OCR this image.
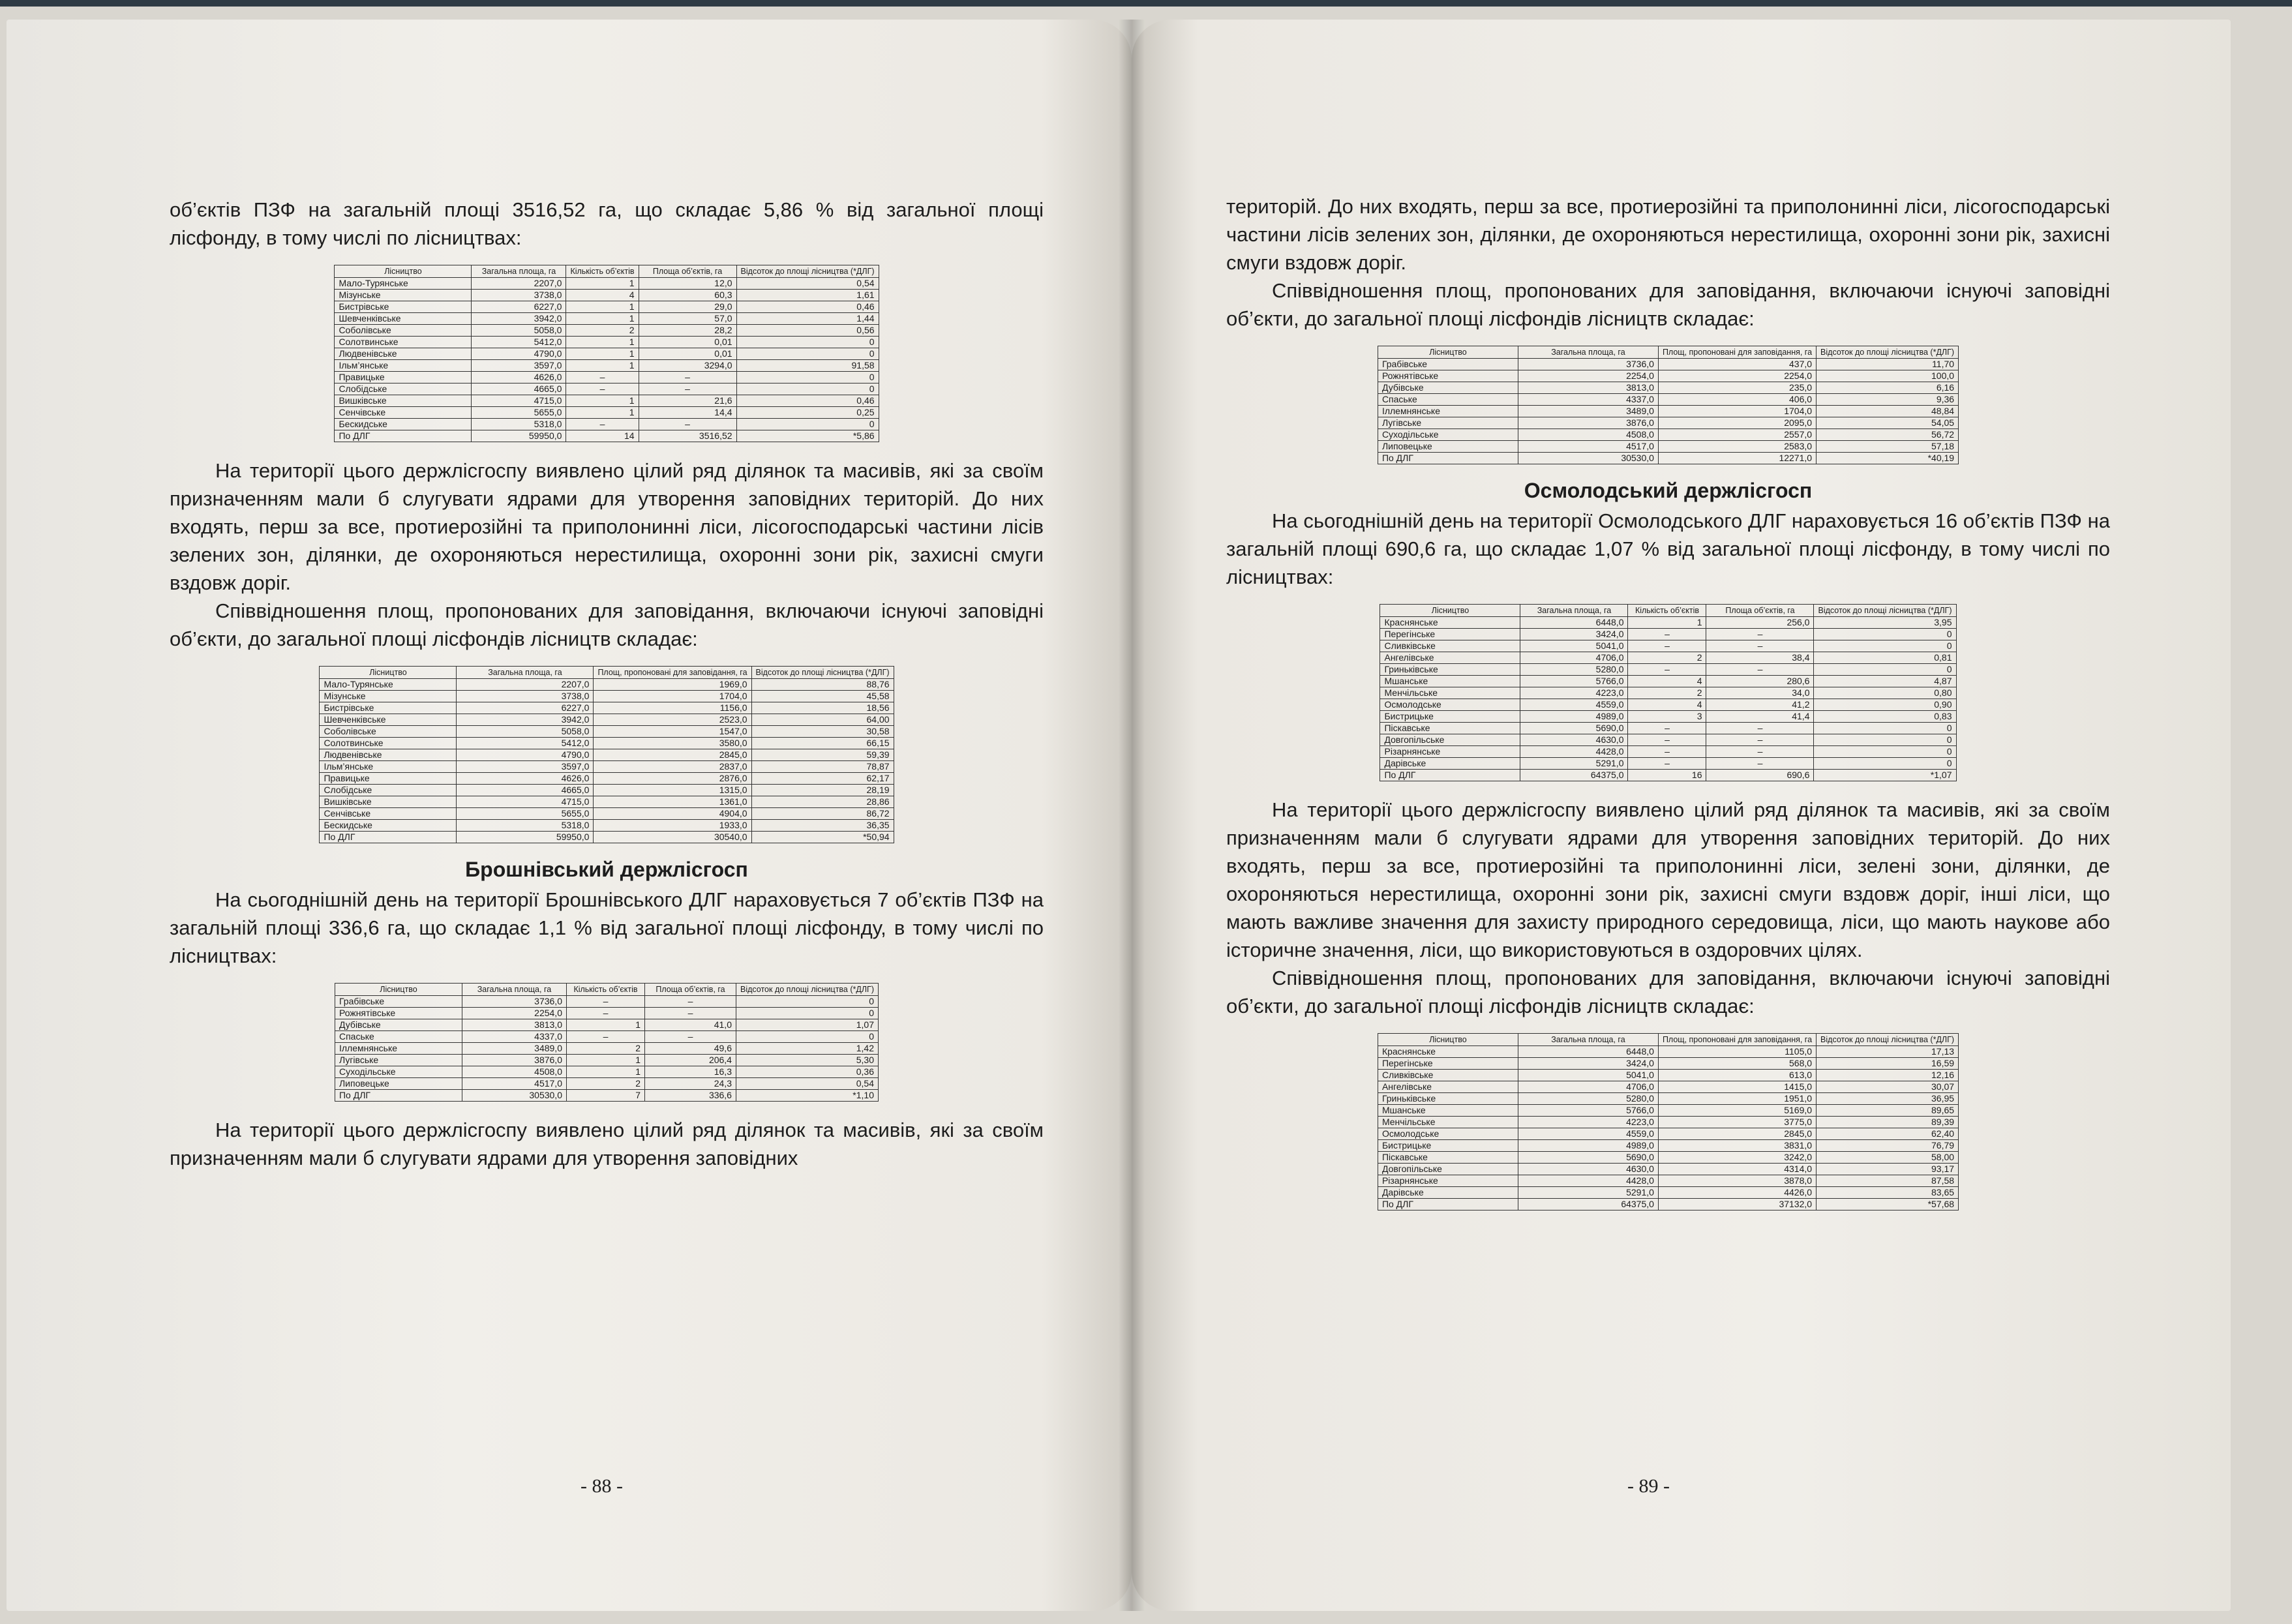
об’єктів ПЗФ на загальній площі 3516,52 га, що складає 5,86 % від загальної площі лісфонду, в тому числі по лісництвах:

Лісництво	Загальна площа, га	Кількість об’єктів	Площа об’єктів, га	Відсоток до площі лісництва (*ДЛГ)
Мало-Турянське	2207,0	1	12,0	0,54
Мізунське	3738,0	4	60,3	1,61
Бистрівське	6227,0	1	29,0	0,46
Шевченківське	3942,0	1	57,0	1,44
Соболівське	5058,0	2	28,2	0,56
Солотвинське	5412,0	1	0,01	0
Людвенівське	4790,0	1	0,01	0
Ільм’янське	3597,0	1	3294,0	91,58
Правицьке	4626,0	–	–	0
Слобідське	4665,0	–	–	0
Вишківське	4715,0	1	21,6	0,46
Сенчівське	5655,0	1	14,4	0,25
Бескидське	5318,0	–	–	0
По ДЛГ	59950,0	14	3516,52	*5,86

На території цього держлісгоспу виявлено цілий ряд ділянок та масивів, які за своїм призначенням мали б слугувати ядрами для утворення заповідних територій. До них входять, перш за все, протиерозійні та приполонинні ліси, лісогосподарські частини лісів зелених зон, ділянки, де охороняються нерестилища, охоронні зони рік, захисні смуги вздовж доріг.

Співвідношення площ, пропонованих для заповідання, включаючи існуючі заповідні об’єкти, до загальної площі лісфондів лісництв складає:

Лісництво	Загальна площа, га	Площ, пропоновані для заповідання, га	Відсоток до площі лісництва (*ДЛГ)
Мало-Турянське	2207,0	1969,0	88,76
Мізунське	3738,0	1704,0	45,58
Бистрівське	6227,0	1156,0	18,56
Шевченківське	3942,0	2523,0	64,00
Соболівське	5058,0	1547,0	30,58
Солотвинське	5412,0	3580,0	66,15
Людвенівське	4790,0	2845,0	59,39
Ільм’янське	3597,0	2837,0	78,87
Правицьке	4626,0	2876,0	62,17
Слобідське	4665,0	1315,0	28,19
Вишківське	4715,0	1361,0	28,86
Сенчівське	5655,0	4904,0	86,72
Бескидське	5318,0	1933,0	36,35
По ДЛГ	59950,0	30540,0	*50,94
Брошнівський держлісгосп

На сьогоднішній день на території Брошнівського ДЛГ нараховується 7 об’єктів ПЗФ на загальній площі 336,6 га, що складає 1,1 % від загальної площі лісфонду, в тому числі по лісництвах:

Лісництво	Загальна площа, га	Кількість об’єктів	Площа об’єктів, га	Відсоток до площі лісництва (*ДЛГ)
Грабівське	3736,0	–	–	0
Рожнятівське	2254,0	–	–	0
Дубівське	3813,0	1	41,0	1,07
Спаське	4337,0	–	–	0
Іллемнянське	3489,0	2	49,6	1,42
Лугівське	3876,0	1	206,4	5,30
Суходільське	4508,0	1	16,3	0,36
Липовецьке	4517,0	2	24,3	0,54
По ДЛГ	30530,0	7	336,6	*1,10

На території цього держлісгоспу виявлено цілий ряд ділянок та масивів, які за своїм призначенням мали б слугувати ядрами для утворення заповідних

- 88 -

територій. До них входять, перш за все, протиерозійні та приполонинні ліси, лісогосподарські частини лісів зелених зон, ділянки, де охороняються нерестилища, охоронні зони рік, захисні смуги вздовж доріг.

Співвідношення площ, пропонованих для заповідання, включаючи існуючі заповідні об’єкти, до загальної площі лісфондів лісництв складає:

Лісництво	Загальна площа, га	Площ, пропоновані для заповідання, га	Відсоток до площі лісництва (*ДЛГ)
Грабівське	3736,0	437,0	11,70
Рожнятівське	2254,0	2254,0	100,0
Дубівське	3813,0	235,0	6,16
Спаське	4337,0	406,0	9,36
Іллемнянське	3489,0	1704,0	48,84
Лугівське	3876,0	2095,0	54,05
Суходільське	4508,0	2557,0	56,72
Липовецьке	4517,0	2583,0	57,18
По ДЛГ	30530,0	12271,0	*40,19
Осмолодський держлісгосп

На сьогоднішній день на території Осмолодського ДЛГ нараховується 16 об’єктів ПЗФ на загальній площі 690,6 га, що складає 1,07 % від загальної площі лісфонду, в тому числі по лісництвах:

Лісництво	Загальна площа, га	Кількість об’єктів	Площа об’єктів, га	Відсоток до площі лісництва (*ДЛГ)
Краснянське	6448,0	1	256,0	3,95
Перегінське	3424,0	–	–	0
Сливківське	5041,0	–	–	0
Ангелівське	4706,0	2	38,4	0,81
Гриньківське	5280,0	–	–	0
Мшанське	5766,0	4	280,6	4,87
Менчільське	4223,0	2	34,0	0,80
Осмолодське	4559,0	4	41,2	0,90
Бистрицьке	4989,0	3	41,4	0,83
Піскавське	5690,0	–	–	0
Довгопільське	4630,0	–	–	0
Різарнянське	4428,0	–	–	0
Дарівське	5291,0	–	–	0
По ДЛГ	64375,0	16	690,6	*1,07

На території цього держлісгоспу виявлено цілий ряд ділянок та масивів, які за своїм призначенням мали б слугувати ядрами для утворення заповідних територій. До них входять, перш за все, протиерозійні та приполонинні ліси, зелені зони, ділянки, де охороняються нерестилища, охоронні зони рік, захисні смуги вздовж доріг, інші ліси, що мають важливе значення для захисту природного середовища, ліси, що мають наукове або історичне значення, ліси, що використовуються в оздоровчих цілях.

Співвідношення площ, пропонованих для заповідання, включаючи існуючі заповідні об’єкти, до загальної площі лісфондів лісництв складає:

Лісництво	Загальна площа, га	Площ, пропоновані для заповідання, га	Відсоток до площі лісництва (*ДЛГ)
Краснянське	6448,0	1105,0	17,13
Перегінське	3424,0	568,0	16,59
Сливківське	5041,0	613,0	12,16
Ангелівське	4706,0	1415,0	30,07
Гриньківське	5280,0	1951,0	36,95
Мшанське	5766,0	5169,0	89,65
Менчільське	4223,0	3775,0	89,39
Осмолодське	4559,0	2845,0	62,40
Бистрицьке	4989,0	3831,0	76,79
Піскавське	5690,0	3242,0	58,00
Довгопільське	4630,0	4314,0	93,17
Різарнянське	4428,0	3878,0	87,58
Дарівське	5291,0	4426,0	83,65
По ДЛГ	64375,0	37132,0	*57,68
- 89 -
